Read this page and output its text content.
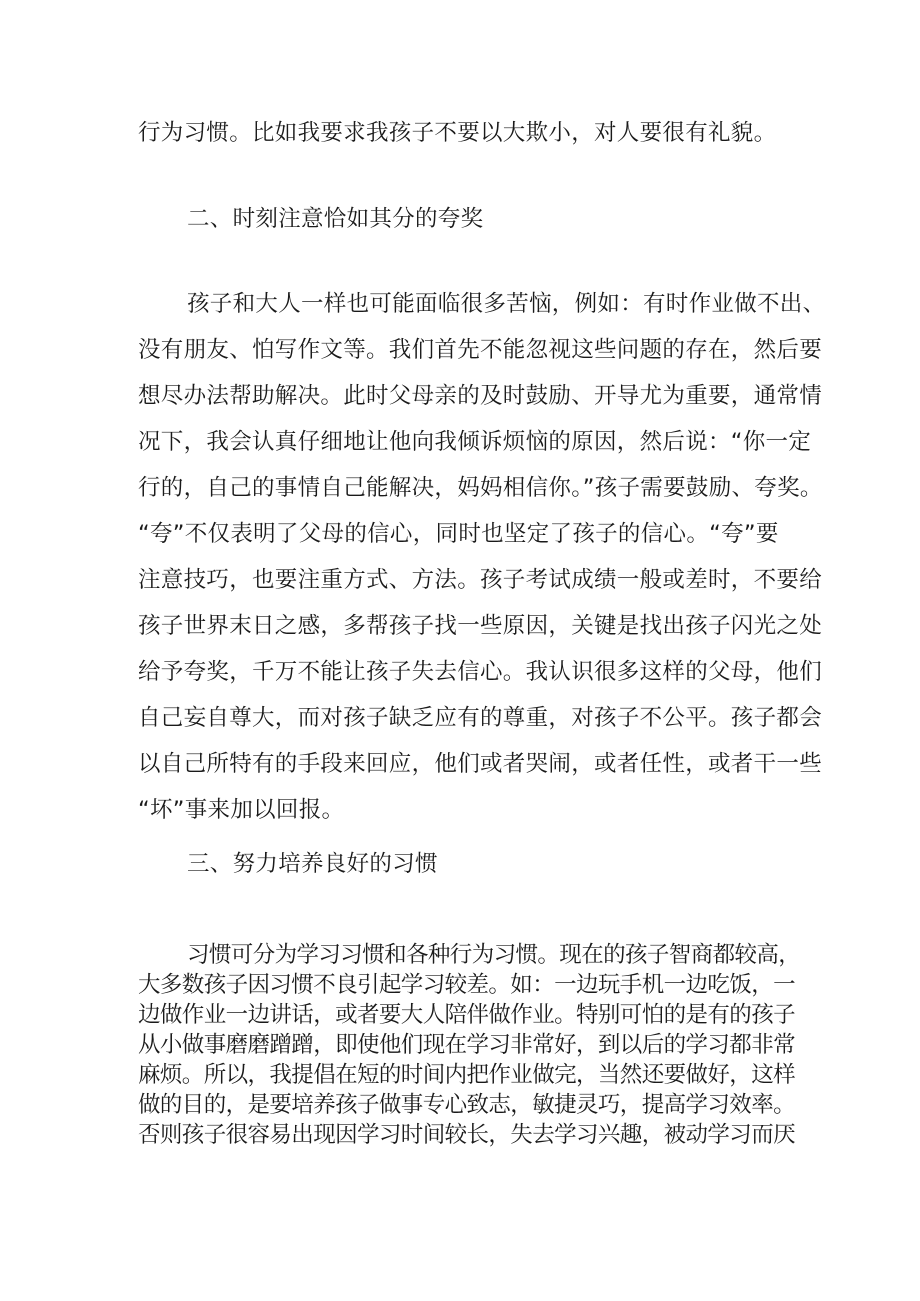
行为习惯。比如我要求我孩子不要以大欺小，对人要很有礼貌。

二、时刻注意恰如其分的夸奖

孩子和大人一样也可能面临很多苦恼，例如：有时作业做不出、

没有朋友、怕写作文等。我们首先不能忽视这些问题的存在，然后要

想尽办法帮助解决。此时父母亲的及时鼓励、开导尤为重要，通常情

况下，我会认真仔细地让他向我倾诉烦恼的原因，然后说：“你一定

行的，自己的事情自己能解决，妈妈相信你。”孩子需要鼓励、夸奖。

“夸”不仅表明了父母的信心，同时也坚定了孩子的信心。“夸”要

注意技巧，也要注重方式、方法。孩子考试成绩一般或差时，不要给

孩子世界末日之感，多帮孩子找一些原因，关键是找出孩子闪光之处

给予夸奖，千万不能让孩子失去信心。我认识很多这样的父母，他们

自己妄自尊大，而对孩子缺乏应有的尊重，对孩子不公平。孩子都会

以自己所特有的手段来回应，他们或者哭闹，或者任性，或者干一些

“坏”事来加以回报。

三、努力培养良好的习惯

习惯可分为学习习惯和各种行为习惯。现在的孩子智商都较高，

大多数孩子因习惯不良引起学习较差。如：一边玩手机一边吃饭，一

边做作业一边讲话，或者要大人陪伴做作业。特别可怕的是有的孩子

从小做事磨磨蹭蹭，即使他们现在学习非常好，到以后的学习都非常

麻烦。所以，我提倡在短的时间内把作业做完，当然还要做好，这样

做的目的，是要培养孩子做事专心致志，敏捷灵巧，提高学习效率。

否则孩子很容易出现因学习时间较长，失去学习兴趣，被动学习而厌
